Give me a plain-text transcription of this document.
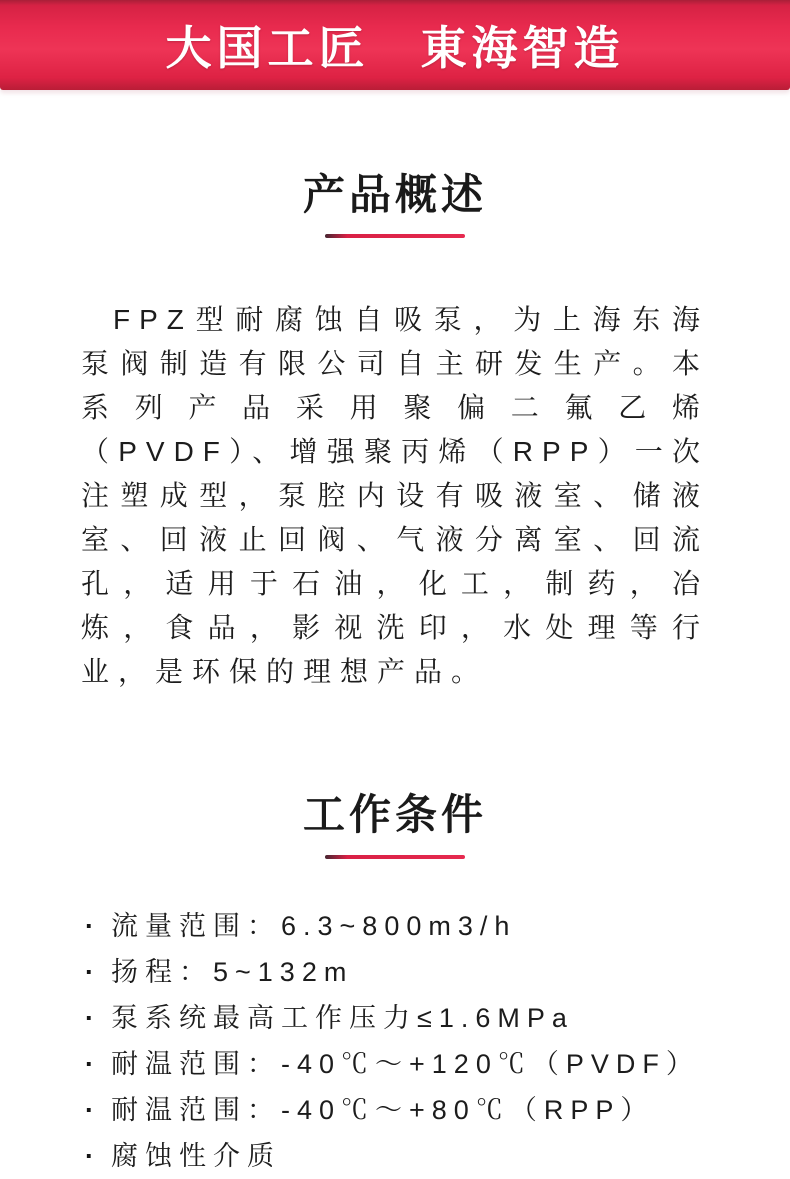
大国工匠　東海智造
产品概述

FPZ型耐腐蚀自吸泵，为上海东海泵阀制造有限公司自主研发生产。本系列产品采用聚偏二氟乙烯（PVDF）、增强聚丙烯（RPP）一次注塑成型，泵腔内设有吸液室、储液室、回液止回阀、气液分离室、回流孔，适用于石油，化工，制药，冶炼，食品，影视洗印，水处理等行业，是环保的理想产品。

工作条件
· 流量范围：6.3~800m3/h
· 扬程：5~132m
· 泵系统最高工作压力≤1.6MPa
· 耐温范围：-40℃～+120℃（PVDF）
· 耐温范围：-40℃～+80℃（RPP）
· 腐蚀性介质
